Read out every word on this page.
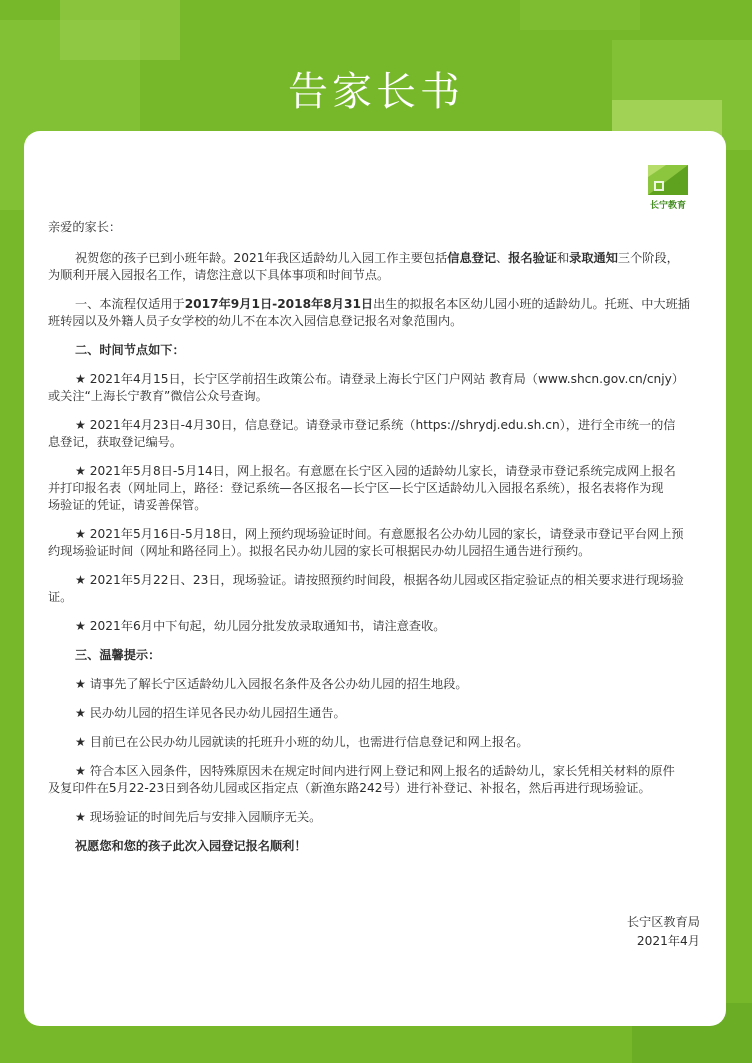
告家长书
长宁教育

亲爱的家长：

祝贺您的孩子已到小班年龄。2021年我区适龄幼儿入园工作主要包括信息登记、报名验证和录取通知三个阶段，

为顺利开展入园报名工作，请您注意以下具体事项和时间节点。

一、本流程仅适用于2017年9月1日-2018年8月31日出生的拟报名本区幼儿园小班的适龄幼儿。托班、中大班插

班转园以及外籍人员子女学校的幼儿不在本次入园信息登记报名对象范围内。

二、时间节点如下：

★ 2021年4月15日，长宁区学前招生政策公布。请登录上海长宁区门户网站 教育局（www.shcn.gov.cn/cnjy）

或关注“上海长宁教育”微信公众号查询。

★ 2021年4月23日-4月30日，信息登记。请登录市登记系统（https://shrydj.edu.sh.cn），进行全市统一的信

息登记，获取登记编号。

★ 2021年5月8日-5月14日，网上报名。有意愿在长宁区入园的适龄幼儿家长，请登录市登记系统完成网上报名

并打印报名表（网址同上，路径：登记系统—各区报名—长宁区—长宁区适龄幼儿入园报名系统），报名表将作为现

场验证的凭证，请妥善保管。

★ 2021年5月16日-5月18日，网上预约现场验证时间。有意愿报名公办幼儿园的家长，请登录市登记平台网上预

约现场验证时间（网址和路径同上）。拟报名民办幼儿园的家长可根据民办幼儿园招生通告进行预约。

★ 2021年5月22日、23日，现场验证。请按照预约时间段，根据各幼儿园或区指定验证点的相关要求进行现场验

证。

★ 2021年6月中下旬起，幼儿园分批发放录取通知书，请注意查收。

三、温馨提示：

★ 请事先了解长宁区适龄幼儿入园报名条件及各公办幼儿园的招生地段。

★ 民办幼儿园的招生详见各民办幼儿园招生通告。

★ 目前已在公民办幼儿园就读的托班升小班的幼儿，也需进行信息登记和网上报名。

★ 符合本区入园条件，因特殊原因未在规定时间内进行网上登记和网上报名的适龄幼儿，家长凭相关材料的原件

及复印件在5月22-23日到各幼儿园或区指定点（新渔东路242号）进行补登记、补报名，然后再进行现场验证。

★ 现场验证的时间先后与安排入园顺序无关。

祝愿您和您的孩子此次入园登记报名顺利！

长宁区教育局
2021年4月
